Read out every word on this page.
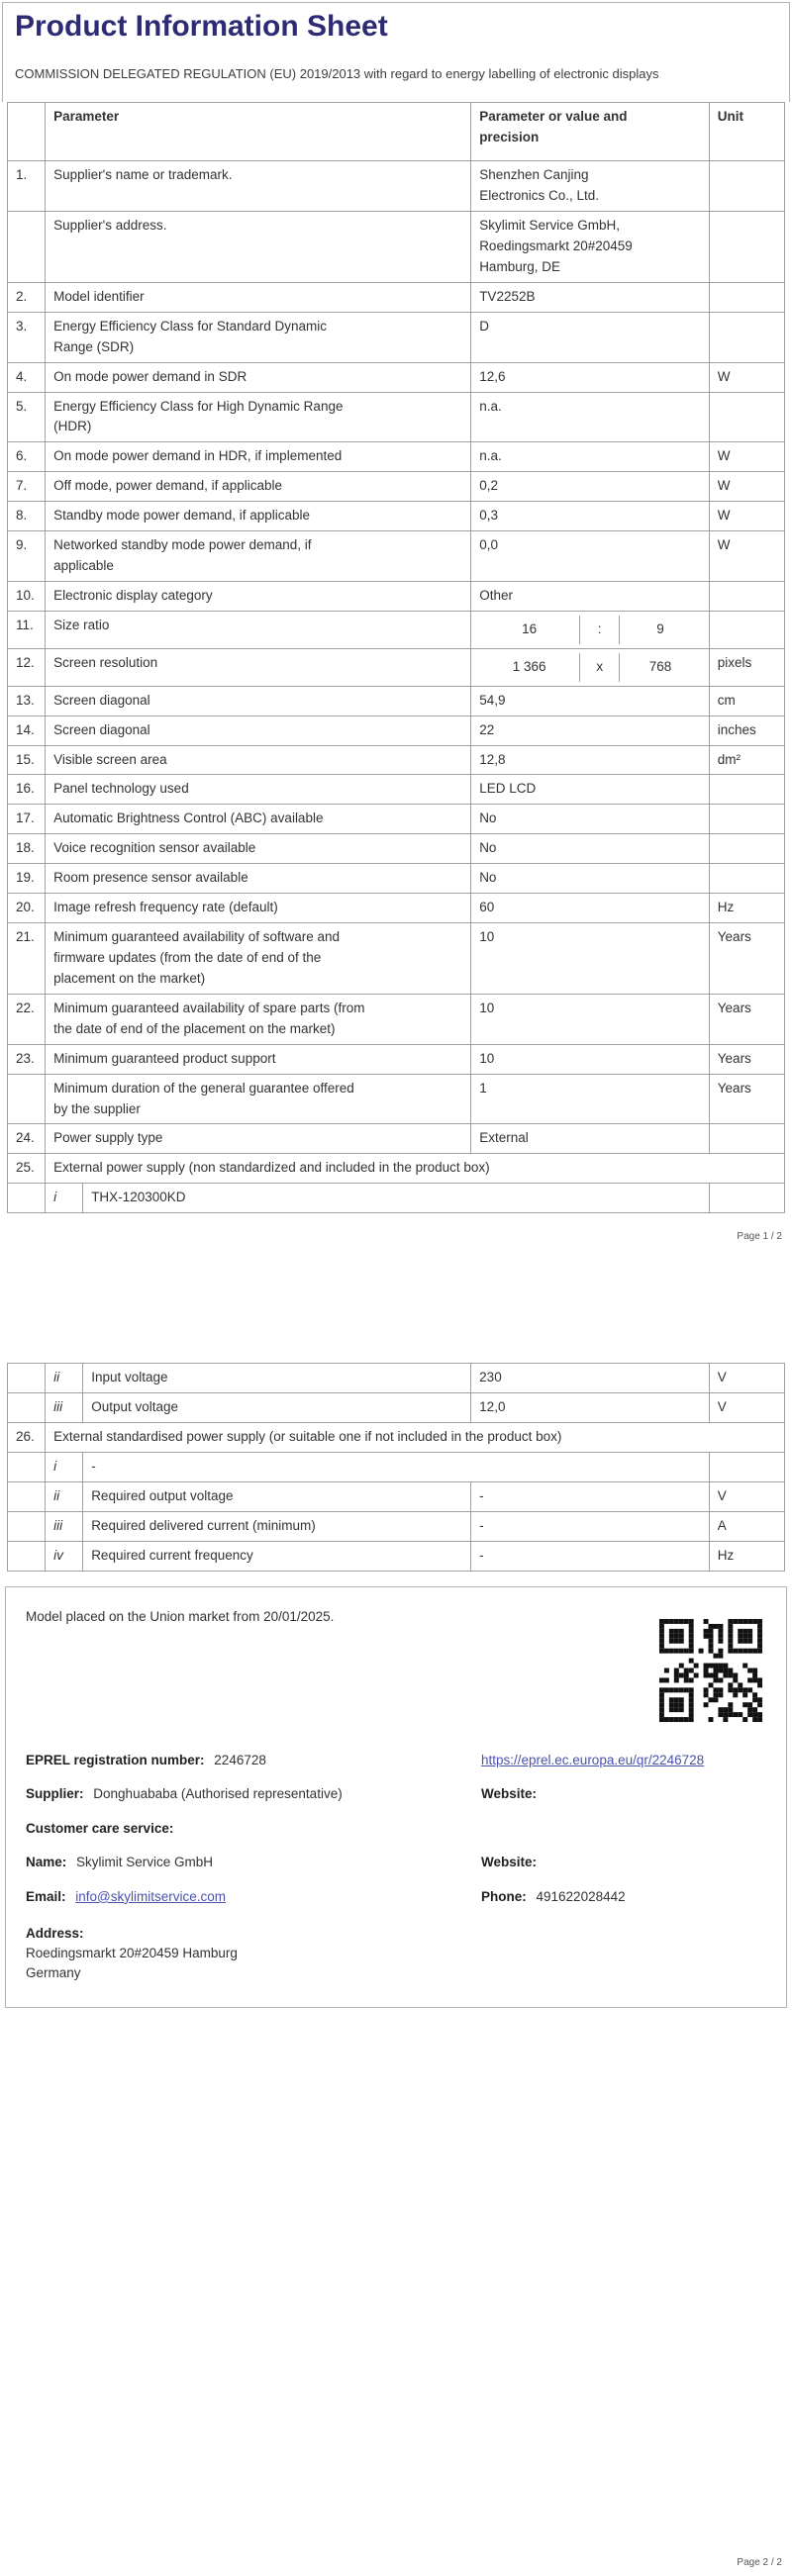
Product Information Sheet
COMMISSION DELEGATED REGULATION (EU) 2019/2013 with regard to energy labelling of electronic displays
	Parameter		Parameter or value and precision	Unit
1.	Supplier's name or trademark.		Shenzhen Canjing Electronics Co., Ltd.	

	Supplier's address.		Skylimit Service GmbH, Roedingsmarkt 20#20459 Hamburg, DE	

2.	Model identifier		TV2252B	

3.	Energy Efficiency Class for Standard Dynamic Range (SDR)		D	

4.	On mode power demand in SDR		12,6	W
5.	Energy Efficiency Class for High Dynamic Range (HDR)		n.a.	

6.	On mode power demand in HDR, if implemented		n.a.	W
7.	Off mode, power demand, if applicable		0,2	W
8.	Standby mode power demand, if applicable		0,3	W
9.	Networked standby mode power demand, if applicable		0,0	W
10.	Electronic display category		Other	
11.	Size ratio		16 : 9	

12.	Screen resolution		1 366 x 768	pixels
13.	Screen diagonal		54,9	cm
14.	Screen diagonal		22	inches
15.	Visible screen area		12,8	dm²
16.	Panel technology used		LED LCD	
17.	Automatic Brightness Control (ABC) available		No	
18.	Voice recognition sensor available		No	
19.	Room presence sensor available		No	
20.	Image refresh frequency rate (default)		60	Hz
21.	Minimum guaranteed availability of software and firmware updates (from the date of end of the placement on the market)		10	Years
22.	Minimum guaranteed availability of spare parts (from the date of end of the placement on the market)		10	Years
23.	Minimum guaranteed product support		10	Years

	Minimum duration of the general guarantee offered by the supplier		1	Years
24.	Power supply type		External	

25.	External power supply (non standardized and included in the product box)			
	i	THX-120300KD		
Page 1 / 2
	ii	Input voltage	230	V
	iii	Output voltage	12,0	V
26.	External standardised power supply (or suitable one if not included in the product box)			
	i	-		
	ii	Required output voltage	-	V
	iii	Required delivered current (minimum)	-	A
	iv	Required current frequency	-	Hz
Model placed on the Union market from 20/01/2025.
EPREL registration number: 2246728	https://eprel.ec.europa.eu/qr/2246728
Supplier: Donghuababa (Authorised representative)	Website:
Customer care service:
Name: Skylimit Service GmbH	Website:
Email: info@skylimitservice.com	Phone: 491622028442
Address:
Roedingsmarkt 20#20459 Hamburg
Germany
Page 2 / 2
